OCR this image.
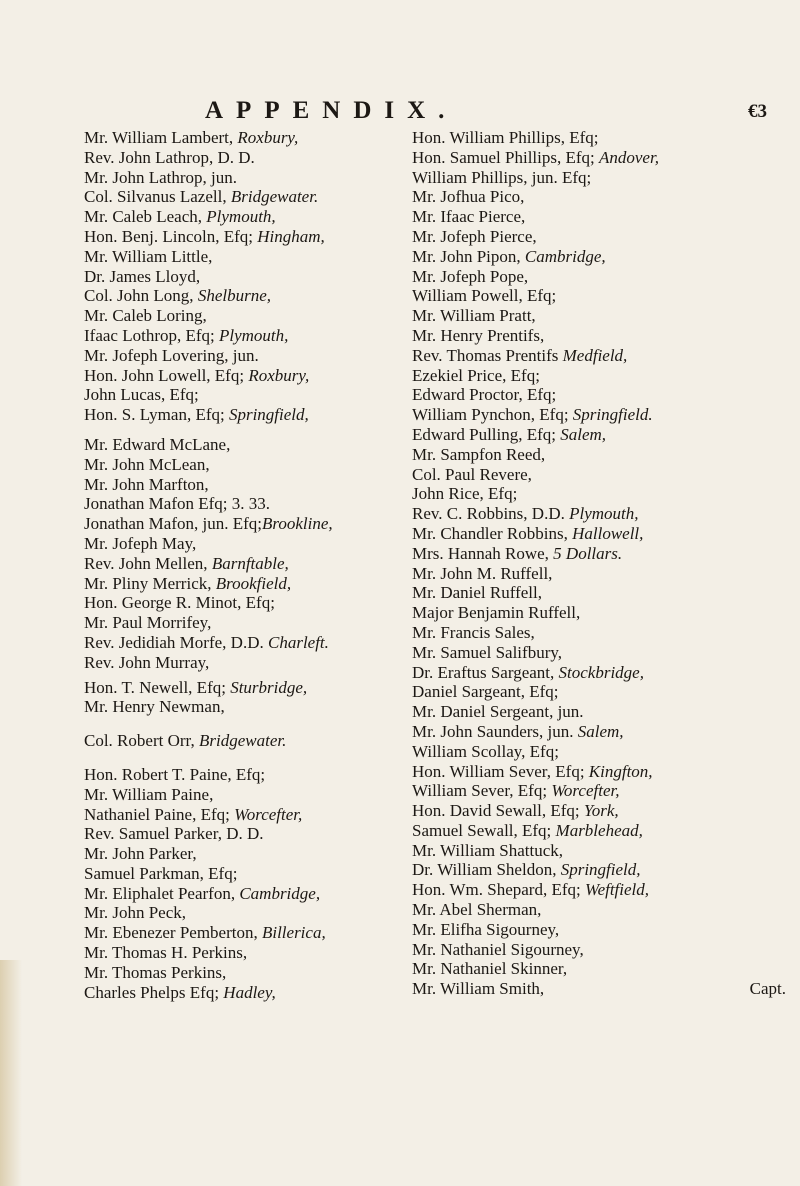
APPENDIX.	€3
Mr. William Lambert, Roxbury,
Rev. John Lathrop, D. D.
Mr. John Lathrop, jun.
Col. Silvanus Lazell, Bridgewater.
Mr. Caleb Leach, Plymouth,
Hon. Benj. Lincoln, Efq; Hingham,
Mr. William Little,
Dr. James Lloyd,
Col. John Long, Shelburne,
Mr. Caleb Loring,
Ifaac Lothrop, Efq; Plymouth,
Mr. Jofeph Lovering, jun.
Hon. John Lowell, Efq; Roxbury,
John Lucas, Efq;
Hon. S. Lyman, Efq; Springfield,
Mr. Edward McLane,
Mr. John McLean,
Mr. John Marfton,
Jonathan Mafon Efq; 3. 33.
Jonathan Mafon, jun. Efq;Brookline,
Mr. Jofeph May,
Rev. John Mellen, Barnftable,
Mr. Pliny Merrick, Brookfield,
Hon. George R. Minot, Efq;
Mr. Paul Morrifey,
Rev. Jedidiah Morfe, D.D. Charleft.
Rev. John Murray,
Hon. T. Newell, Efq; Sturbridge,
Mr. Henry Newman,
Col. Robert Orr, Bridgewater.
Hon. Robert T. Paine, Efq;
Mr. William Paine,
Nathaniel Paine, Efq; Worcefter,
Rev. Samuel Parker, D. D.
Mr. John Parker,
Samuel Parkman, Efq;
Mr. Eliphalet Pearfon, Cambridge,
Mr. John Peck,
Mr. Ebenezer Pemberton, Billerica,
Mr. Thomas H. Perkins,
Mr. Thomas Perkins,
Charles Phelps Efq; Hadley,
Hon. William Phillips, Efq;
Hon. Samuel Phillips, Efq; Andover,
William Phillips, jun. Efq;
Mr. Jofhua Pico,
Mr. Ifaac Pierce,
Mr. Jofeph Pierce,
Mr. John Pipon, Cambridge,
Mr. Jofeph Pope,
William Powell, Efq;
Mr. William Pratt,
Mr. Henry Prentifs,
Rev. Thomas Prentifs Medfield,
Ezekiel Price, Efq;
Edward Proctor, Efq;
William Pynchon, Efq; Springfield.
Edward Pulling, Efq; Salem,
Mr. Sampfon Reed,
Col. Paul Revere,
John Rice, Efq;
Rev. C. Robbins, D.D. Plymouth,
Mr. Chandler Robbins, Hallowell,
Mrs. Hannah Rowe, 5 Dollars.
Mr. John M. Ruffell,
Mr. Daniel Ruffell,
Major Benjamin Ruffell,
Mr. Francis Sales,
Mr. Samuel Salifbury,
Dr. Eraftus Sargeant, Stockbridge,
Daniel Sargeant, Efq;
Mr. Daniel Sergeant, jun.
Mr. John Saunders, jun. Salem,
William Scollay, Efq;
Hon. William Sever, Efq; Kingfton,
William Sever, Efq; Worcefter,
Hon. David Sewall, Efq; York,
Samuel Sewall, Efq; Marblehead,
Mr. William Shattuck,
Dr. William Sheldon, Springfield,
Hon. Wm. Shepard, Efq; Weftfield,
Mr. Abel Sherman,
Mr. Elifha Sigourney,
Mr. Nathaniel Sigourney,
Mr. Nathaniel Skinner,
Mr. William Smith,	Capt.
